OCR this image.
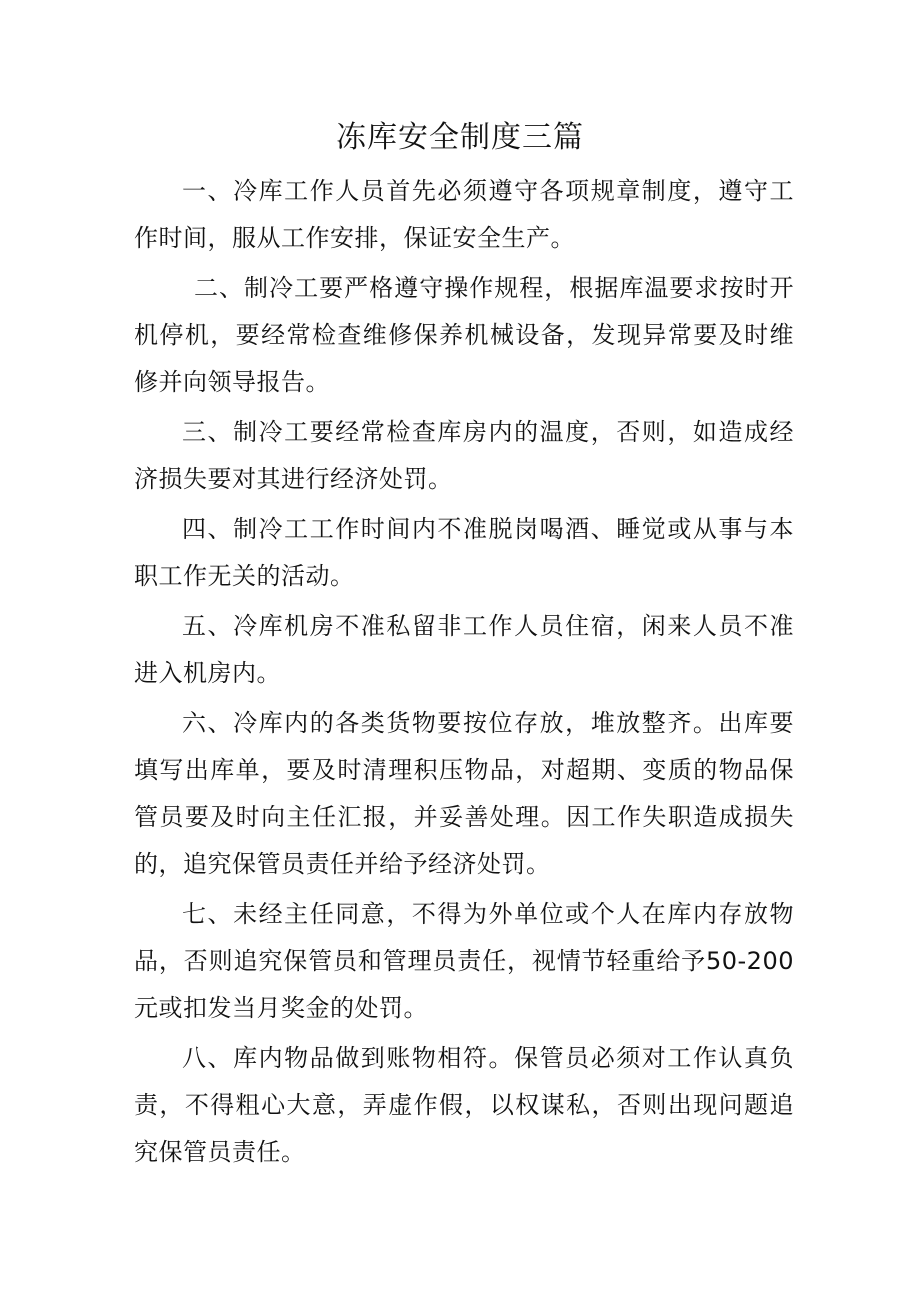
冻库安全制度三篇

一、冷库工作人员首先必须遵守各项规章制度，遵守工作时间，服从工作安排，保证安全生产。

二、制冷工要严格遵守操作规程，根据库温要求按时开机停机，要经常检查维修保养机械设备，发现异常要及时维修并向领导报告。

三、制冷工要经常检查库房内的温度，否则，如造成经济损失要对其进行经济处罚。

四、制冷工工作时间内不准脱岗喝酒、睡觉或从事与本职工作无关的活动。

五、冷库机房不准私留非工作人员住宿，闲来人员不准进入机房内。

六、冷库内的各类货物要按位存放，堆放整齐。出库要填写出库单，要及时清理积压物品，对超期、变质的物品保管员要及时向主任汇报，并妥善处理。因工作失职造成损失的，追究保管员责任并给予经济处罚。

七、未经主任同意，不得为外单位或个人在库内存放物品，否则追究保管员和管理员责任，视情节轻重给予50-200元或扣发当月奖金的处罚。

八、库内物品做到账物相符。保管员必须对工作认真负责，不得粗心大意，弄虚作假，以权谋私，否则出现问题追究保管员责任。
